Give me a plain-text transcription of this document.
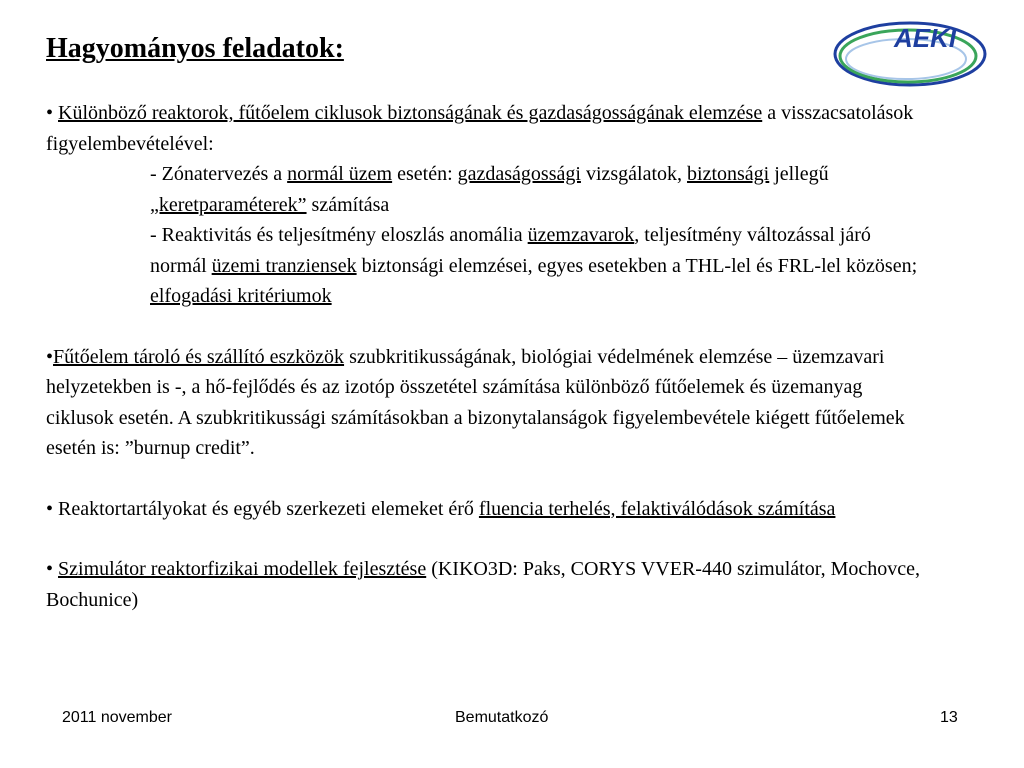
Hagyományos feladatok:	AEKI

• Különböző reaktorok, fűtőelem ciklusok biztonságának és gazdaságosságának elemzése a visszacsatolások figyelembevételével:

- Zónatervezés a normál üzem esetén: gazdaságossági vizsgálatok, biztonsági jellegű „keretparaméterek” számítása

- Reaktivitás és teljesítmény eloszlás anomália üzemzavarok, teljesítmény változással járó normál üzemi tranziensek biztonsági elemzései, egyes esetekben a THL-lel és FRL-lel közösen; elfogadási kritériumok

•Fűtőelem tároló és szállító eszközök szubkritikusságának, biológiai védelmének elemzése – üzemzavari helyzetekben is -, a hő-fejlődés és az izotóp összetétel számítása különböző fűtőelemek és üzemanyag ciklusok esetén. A szubkritikussági számításokban a bizonytalanságok figyelembevétele kiégett fűtőelemek esetén is: ”burnup credit”.

• Reaktortartályokat és egyéb szerkezeti elemeket érő fluencia terhelés, felaktiválódások számítása

• Szimulátor reaktorfizikai modellek fejlesztése (KIKO3D: Paks, CORYS VVER-440 szimulátor, Mochovce, Bochunice)

2011 november	Bemutatkozó	13
